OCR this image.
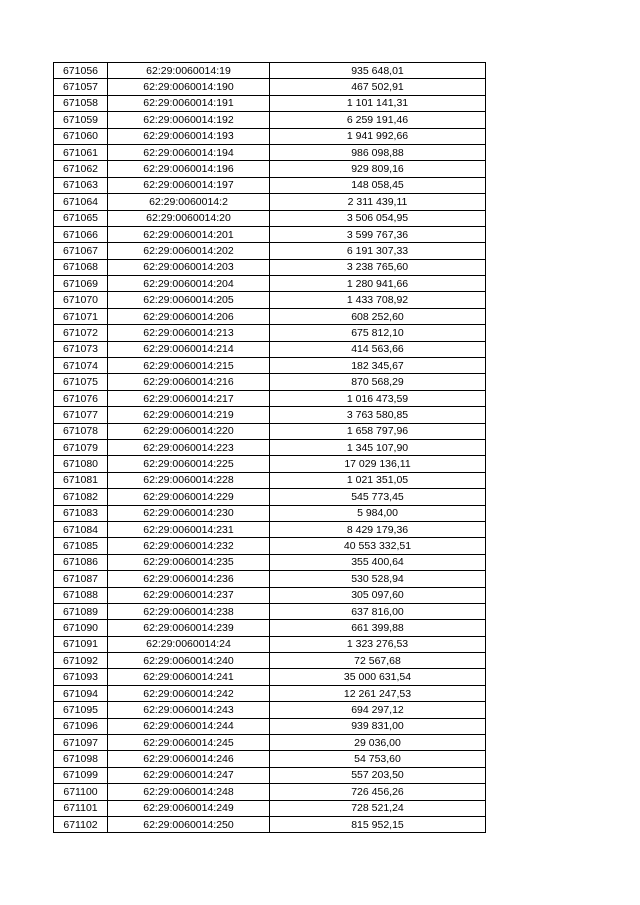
671056	62:29:0060014:19	935 648,01
671057	62:29:0060014:190	467 502,91
671058	62:29:0060014:191	1 101 141,31
671059	62:29:0060014:192	6 259 191,46
671060	62:29:0060014:193	1 941 992,66
671061	62:29:0060014:194	986 098,88
671062	62:29:0060014:196	929 809,16
671063	62:29:0060014:197	148 058,45
671064	62:29:0060014:2	2 311 439,11
671065	62:29:0060014:20	3 506 054,95
671066	62:29:0060014:201	3 599 767,36
671067	62:29:0060014:202	6 191 307,33
671068	62:29:0060014:203	3 238 765,60
671069	62:29:0060014:204	1 280 941,66
671070	62:29:0060014:205	1 433 708,92
671071	62:29:0060014:206	608 252,60
671072	62:29:0060014:213	675 812,10
671073	62:29:0060014:214	414 563,66
671074	62:29:0060014:215	182 345,67
671075	62:29:0060014:216	870 568,29
671076	62:29:0060014:217	1 016 473,59
671077	62:29:0060014:219	3 763 580,85
671078	62:29:0060014:220	1 658 797,96
671079	62:29:0060014:223	1 345 107,90
671080	62:29:0060014:225	17 029 136,11
671081	62:29:0060014:228	1 021 351,05
671082	62:29:0060014:229	545 773,45
671083	62:29:0060014:230	5 984,00
671084	62:29:0060014:231	8 429 179,36
671085	62:29:0060014:232	40 553 332,51
671086	62:29:0060014:235	355 400,64
671087	62:29:0060014:236	530 528,94
671088	62:29:0060014:237	305 097,60
671089	62:29:0060014:238	637 816,00
671090	62:29:0060014:239	661 399,88
671091	62:29:0060014:24	1 323 276,53
671092	62:29:0060014:240	72 567,68
671093	62:29:0060014:241	35 000 631,54
671094	62:29:0060014:242	12 261 247,53
671095	62:29:0060014:243	694 297,12
671096	62:29:0060014:244	939 831,00
671097	62:29:0060014:245	29 036,00
671098	62:29:0060014:246	54 753,60
671099	62:29:0060014:247	557 203,50
671100	62:29:0060014:248	726 456,26
671101	62:29:0060014:249	728 521,24
671102	62:29:0060014:250	815 952,15
